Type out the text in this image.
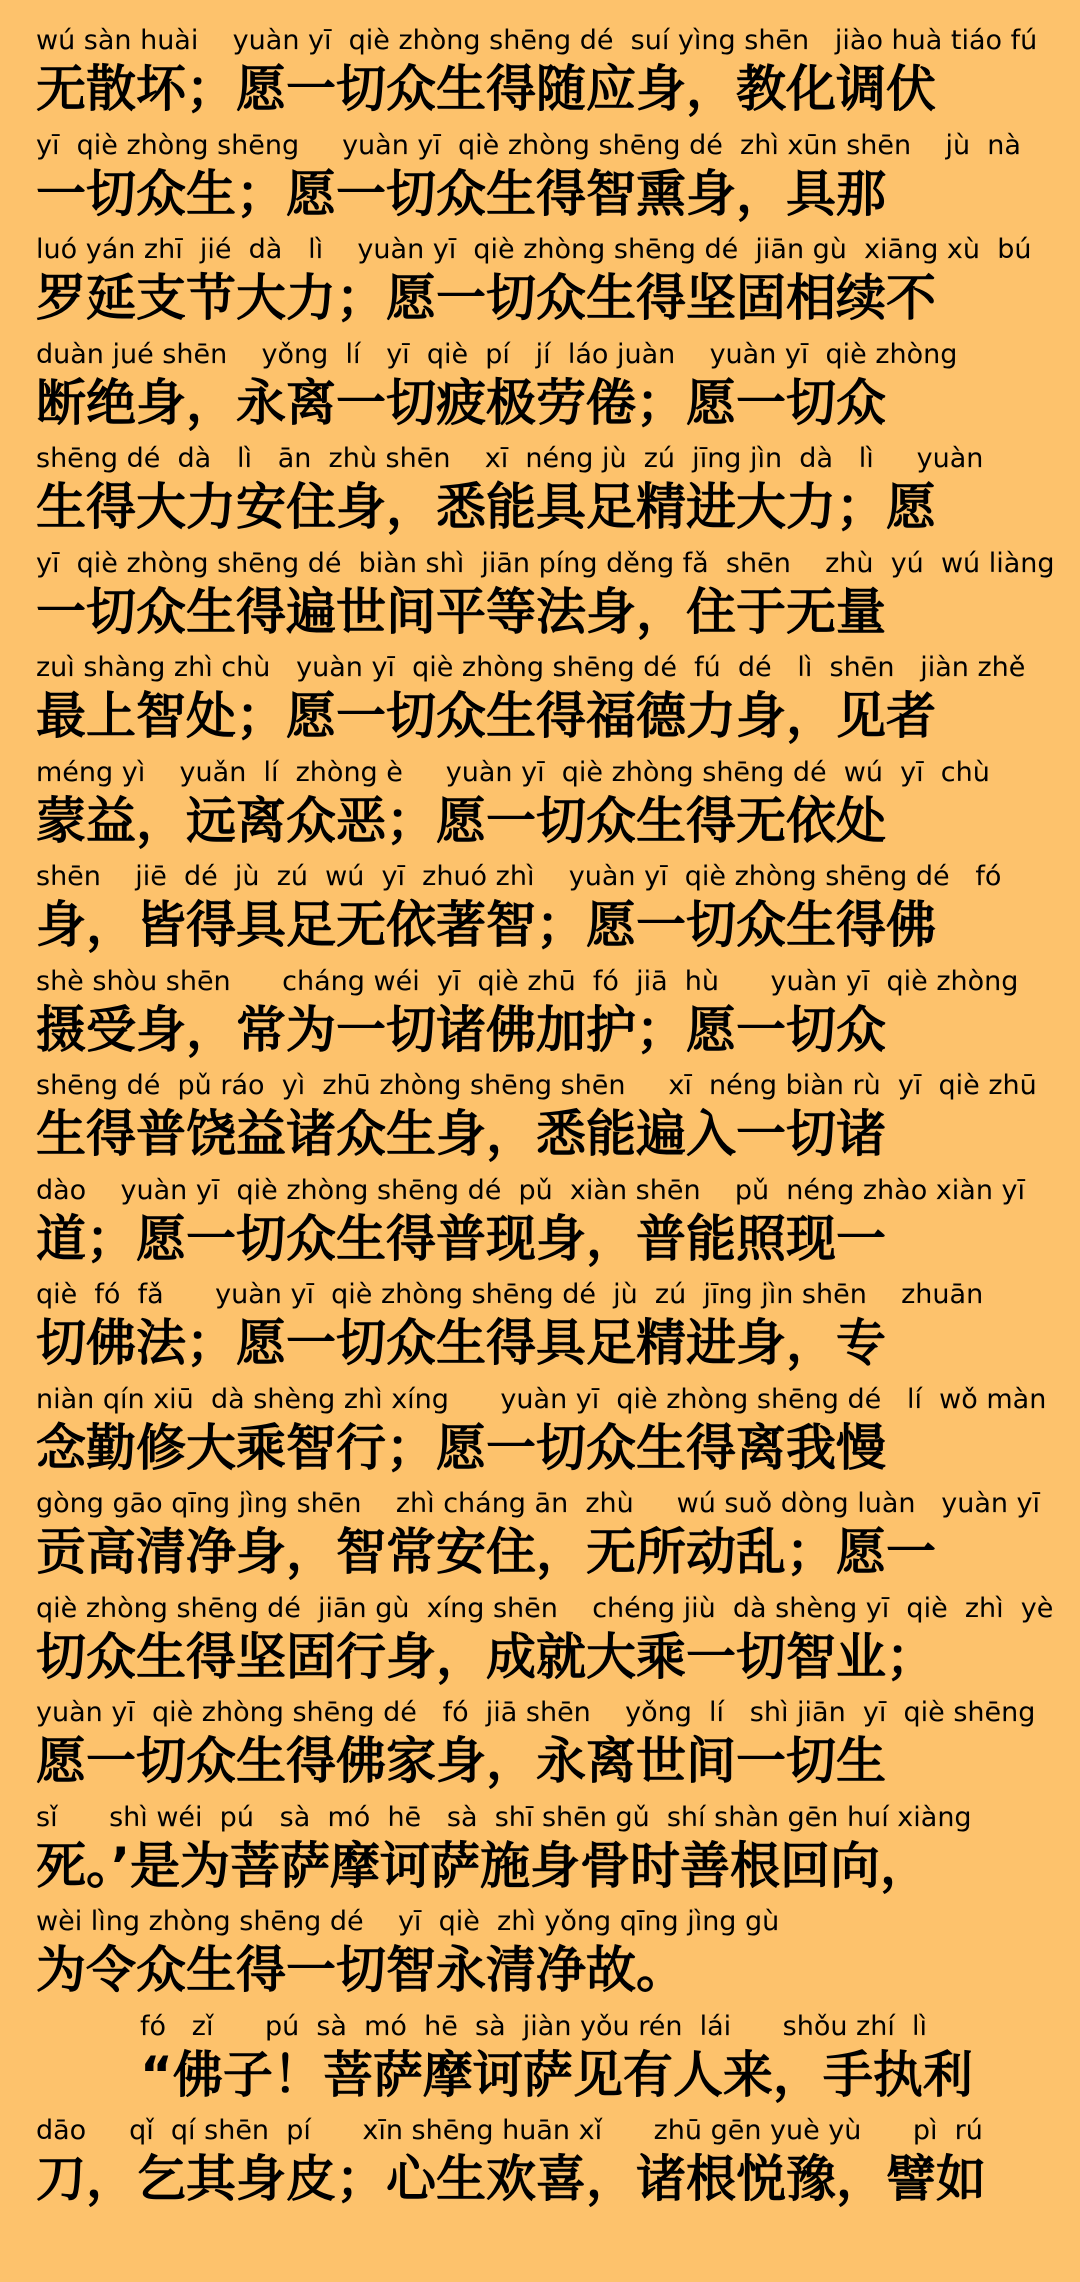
wú sàn huài    yuàn yī  qiè zhòng shēng dé  suí yìng shēn   jiào huà tiáo fú
无散坏；愿一切众生得随应身，教化调伏
yī  qiè zhòng shēng     yuàn yī  qiè zhòng shēng dé  zhì xūn shēn    jù  nà
一切众生；愿一切众生得智熏身，具那
luó yán zhī  jié  dà   lì    yuàn yī  qiè zhòng shēng dé  jiān gù  xiāng xù  bú
罗延支节大力；愿一切众生得坚固相续不
duàn jué shēn    yǒng  lí   yī  qiè  pí   jí  láo juàn    yuàn yī  qiè zhòng
断绝身，永离一切疲极劳倦；愿一切众
shēng dé  dà   lì   ān  zhù shēn    xī  néng jù  zú  jīng jìn  dà   lì     yuàn
生得大力安住身，悉能具足精进大力；愿
yī  qiè zhòng shēng dé  biàn shì  jiān píng děng fǎ  shēn    zhù  yú  wú liàng
一切众生得遍世间平等法身，住于无量
zuì shàng zhì chù   yuàn yī  qiè zhòng shēng dé  fú  dé   lì  shēn   jiàn zhě
最上智处；愿一切众生得福德力身，见者
méng yì    yuǎn  lí  zhòng è     yuàn yī  qiè zhòng shēng dé  wú  yī  chù
蒙益，远离众恶；愿一切众生得无依处
shēn    jiē  dé  jù  zú  wú  yī  zhuó zhì    yuàn yī  qiè zhòng shēng dé   fó
身，皆得具足无依著智；愿一切众生得佛
shè shòu shēn      cháng wéi  yī  qiè zhū  fó  jiā  hù      yuàn yī  qiè zhòng
摄受身，常为一切诸佛加护；愿一切众
shēng dé  pǔ ráo  yì  zhū zhòng shēng shēn     xī  néng biàn rù  yī  qiè zhū
生得普饶益诸众生身，悉能遍入一切诸
dào    yuàn yī  qiè zhòng shēng dé  pǔ  xiàn shēn    pǔ  néng zhào xiàn yī
道；愿一切众生得普现身，普能照现一
qiè  fó  fǎ      yuàn yī  qiè zhòng shēng dé  jù  zú  jīng jìn shēn    zhuān
切佛法；愿一切众生得具足精进身，专
niàn qín xiū  dà shèng zhì xíng      yuàn yī  qiè zhòng shēng dé   lí  wǒ màn
念勤修大乘智行；愿一切众生得离我慢
gòng gāo qīng jìng shēn    zhì cháng ān  zhù     wú suǒ dòng luàn   yuàn yī
贡高清净身，智常安住，无所动乱；愿一
qiè zhòng shēng dé  jiān gù  xíng shēn    chéng jiù  dà shèng yī  qiè  zhì  yè
切众生得坚固行身，成就大乘一切智业；
yuàn yī  qiè zhòng shēng dé   fó  jiā shēn    yǒng  lí   shì jiān  yī  qiè shēng
愿一切众生得佛家身，永离世间一切生
sǐ      shì wéi  pú   sà  mó  hē   sà  shī shēn gǔ  shí shàn gēn huí xiàng
死。’是为菩萨摩诃萨施身骨时善根回向，
wèi lìng zhòng shēng dé    yī  qiè  zhì yǒng qīng jìng gù
为令众生得一切智永清净故。
fó   zǐ      pú  sà  mó  hē  sà  jiàn yǒu rén  lái      shǒu zhí  lì
“佛子！菩萨摩诃萨见有人来，手执利
dāo     qǐ  qí shēn  pí      xīn shēng huān xǐ      zhū gēn yuè yù      pì  rú
刀，乞其身皮；心生欢喜，诸根悦豫，譬如
